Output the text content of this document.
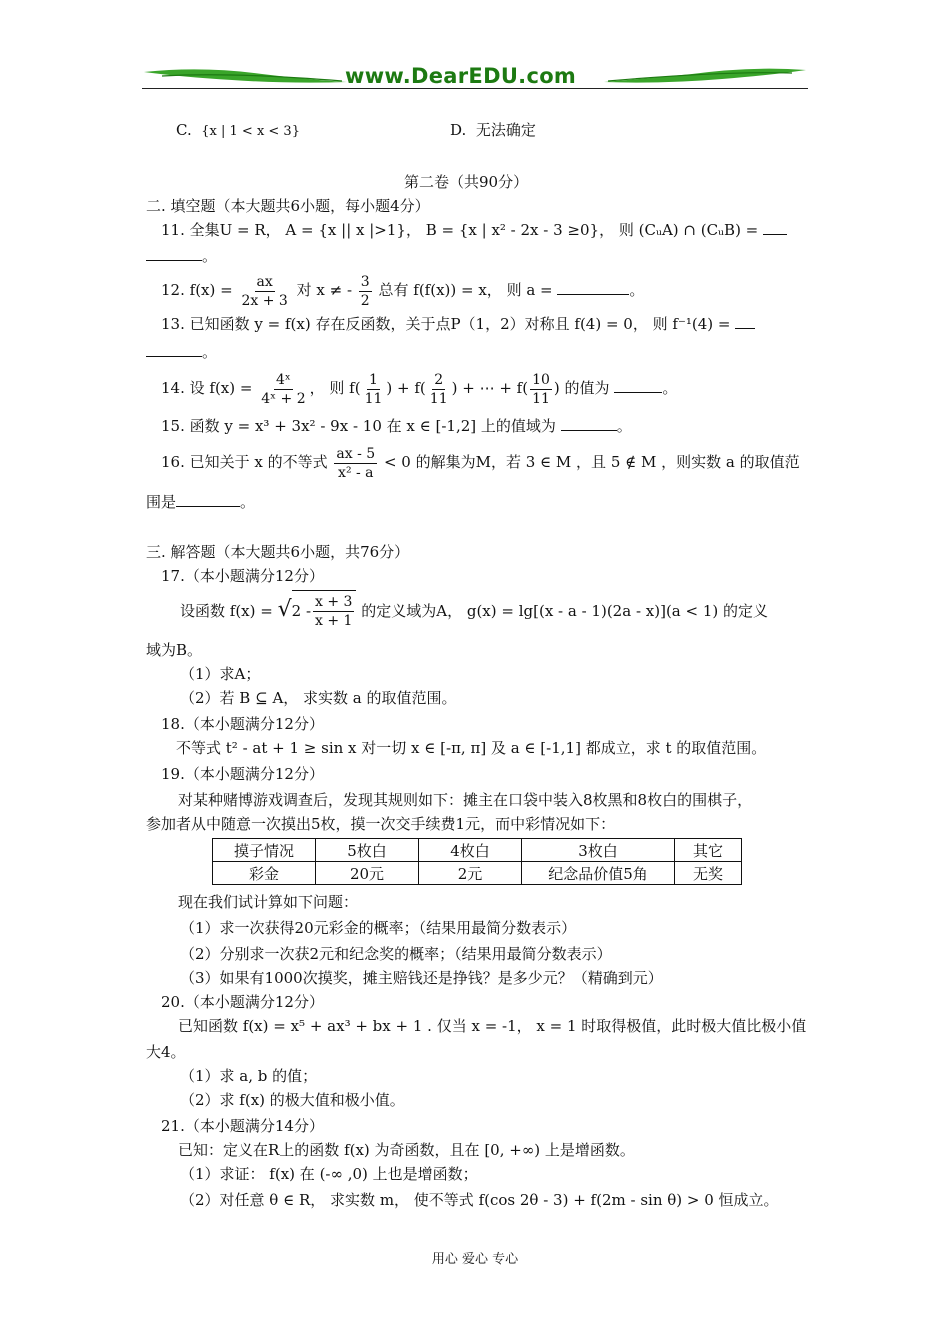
www.DearEDU.com
C. {x | 1 < x < 3}	D. 无法确定
第二卷（共90分）
二. 填空题（本大题共6小题，每小题4分）
11. 全集U = R， A = {x || x |>1}， B = {x | x² - 2x - 3 ≥0}， 则 (CᵤA) ∩ (CᵤB) =
。
12. $f(x) = \frac{ax}{2x + 3}$ 对 x ≠ - $\frac{3}{2}$ 总有 f(f(x)) = x， 则 a =	。
13. 已知函数 y = f(x) 存在反函数，关于点P（1，2）对称且 f(4) = 0， 则 f⁻¹(4) =
。
14. 设 $f(x) = \frac{\text{4ˣ}}{\text{4ˣ + 2}}$ ， 则 $f( \frac{1}{11}$ ) + $f( \frac{2}{11}$ ) + ⋯ + $f( \frac{10}{11}$ ) 的值为	。
15. 函数 y = x³ + 3x² - 9x - 10 在 x ∈ [-1,2] 上的值域为	。
16. 已知关于 x 的不等式 $\frac{ax - 5}{\text{x² - a}} < 0$ 的解集为M，若 3 ∈ M ，且 5 ∉ M ，则实数 a 的取值范
围是	。
三. 解答题（本大题共6小题，共76分）
17.（本小题满分12分）
设函数 f(x) = √ $2 - \frac{x + 3}{x + 1}$ 的定义域为A， g(x) = lg[(x - a - 1)(2a - x)](a < 1) 的定义
域为B。
（1）求A；
（2）若 B ⊆ A， 求实数 a 的取值范围。
18.（本小题满分12分）
不等式 t² - at + 1 ≥ sin x 对一切 x ∈ [-π, π] 及 a ∈ [-1,1] 都成立，求 t 的取值范围。
19.（本小题满分12分）
对某种赌博游戏调查后，发现其规则如下：摊主在口袋中装入8枚黑和8枚白的围棋子，
参加者从中随意一次摸出5枚，摸一次交手续费1元，而中彩情况如下：
摸子情况	5枚白	4枚白	3枚白	其它
彩金	20元	2元	纪念品价值5角	无奖
现在我们试计算如下问题：
（1）求一次获得20元彩金的概率；（结果用最简分数表示）
（2）分别求一次获2元和纪念奖的概率；（结果用最简分数表示）
（3）如果有1000次摸奖，摊主赔钱还是挣钱？是多少元？（精确到元）
20.（本小题满分12分）
已知函数 f(x) = x⁵ + ax³ + bx + 1 . 仅当 x = -1， x = 1 时取得极值，此时极大值比极小值
大4。
（1）求 a, b 的值；
（2）求 f(x) 的极大值和极小值。
21.（本小题满分14分）
已知：定义在R上的函数 f(x) 为奇函数，且在 [0, +∞) 上是增函数。
（1）求证： f(x) 在 (-∞ ,0) 上也是增函数；
（2）对任意 θ ∈ R， 求实数 m， 使不等式 f(cos 2θ - 3) + f(2m - sin θ) > 0 恒成立。
用心 爱心 专心
